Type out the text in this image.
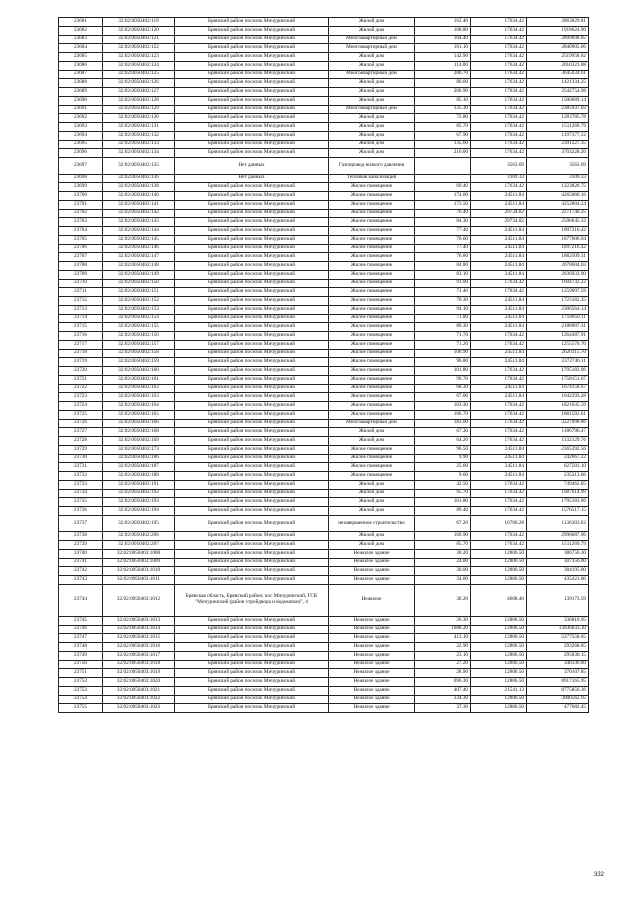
23681	32:02:0050402:119	Брянский район поселок Мичуринский	Жилой дом	162.40	17634.42	2863829.81
23682	32:02:0050402:120	Брянский район поселок Мичуринский	Жилой дом	108.80	17634.42	1918624.90
23683	32:02:0050402:121	Брянский район поселок Мичуринский	Многоквартирный дом	164.40	17634.42	2899098.65
23684	32:02:0050402:122	Брянский район поселок Мичуринский	Многоквартирный дом	161.10	17634.42	2840905.06
23685	32:02:0050402:123	Брянский район поселок Мичуринский	Жилой дом	142.90	17634.42	2519958.62
23686	32:02:0050402:124	Брянский район поселок Мичуринский	Жилой дом	114.00	17634.42	2010323.88
23687	32:02:0050402:125	Брянский район поселок Мичуринский	Многоквартирный дом	206.70	17634.42	3645034.61
23688	32:02:0050402:126	Брянский район поселок Мичуринский	Жилой дом	80.60	17634.42	1421334.25
23689	32:02:0050402:127	Брянский район поселок Мичуринский	Жилой дом	200.90	17634.42	3542754.98
23690	32:02:0050402:128	Брянский район поселок Мичуринский	Жилой дом	85.10	17634.42	1500689.14
23691	32:02:0050402:129	Брянский район поселок Мичуринский	Многоквартирный дом	135.30	17634.42	2385937.03
23692	32:02:0050402:130	Брянский район поселок Мичуринский	Жилой дом	72.80	17634.42	1283785.78
23693	32:02:0050402:131	Брянский район поселок Мичуринский	Жилой дом	85.70	17634.42	1511269.79
23694	32:02:0050402:132	Брянский район поселок Мичуринский	Жилой дом	67.90	17634.42	1197377.12
23695	32:02:0050402:133	Брянский район поселок Мичуринский	Жилой дом	135.60	17634.42	2391227.35
23696	32:02:0050402:134	Брянский район поселок Мичуринский	Жилой дом	210.00	17634.42	3703228.20
23697	32:02:0050402:135	Нет данных	Газопровод низкого давления		3563.69	3563.69
23698	32:02:0050402:136	Нет данных	Тепловая канализация		3109.33	3109.33
23699	32:02:0050402:138	Брянский район поселок Мичуринский	Жилое помещение	69.40	17634.42	1223828.75
23700	32:02:0050402:140	Брянский район поселок Мичуринский	Жилое помещение	174.00	24511.84	4265060.16
23701	32:02:0050402:141	Брянский район поселок Мичуринский	Жилое помещение	173.50	24511.84	4252804.24
23702	32:02:0050402:142	Брянский район поселок Мичуринский	Жилое помещение	76.40	29734.82	2271740.25
23703	32:02:0050402:143	Брянский район поселок Мичуринский	Жилое помещение	84.30	29734.82	2506645.33
23704	32:02:0050402:144	Брянский район поселок Мичуринский	Жилое помещение	77.40	24511.84	1897216.42
23705	32:02:0050402:145	Брянский район поселок Мичуринский	Жилое помещение	76.60	24511.84	1877606.94
23706	32:02:0050402:146	Брянский район поселок Мичуринский	Жилое помещение	77.40	24511.84	1897216.42
23707	32:02:0050402:147	Брянский район поселок Мичуринский	Жилое помещение	76.80	24511.84	1882509.31
23708	32:02:0050402:148	Брянский район поселок Мичуринский	Жилое помещение	84.80	24511.84	2078604.03
23709	32:02:0050402:149	Брянский район поселок Мичуринский	Жилое помещение	83.10	24511.84	2036933.90
23710	32:02:0050402:150	Брянский район поселок Мичуринский	Жилое помещение	91.00	17634.42	1604732.22
23711	32:02:0050402:151	Брянский район поселок Мичуринский	Жилое помещение	71.40	17634.42	1259097.59
23712	32:02:0050402:152	Брянский район поселок Мичуринский	Жилое помещение	70.30	24511.84	1723182.35
23713	32:02:0050402:153	Брянский район поселок Мичуринский	Жилое помещение	94.10	24511.84	2306564.14
23714	32:02:0050402:154	Брянский район поселок Мичуринский	Жилое помещение	71.80	24511.84	1759950.11
23715	32:02:0050402:155	Брянский район поселок Мичуринский	Жилое помещение	89.30	24511.84	2188907.31
23716	32:02:0050402:156	Брянский район поселок Мичуринский	Жилое помещение	71.70	17634.42	1264387.91
23717	32:02:0050402:157	Брянский район поселок Мичуринский	Жилое помещение	71.20	17634.42	1255570.70
23718	32:02:0050402:158	Брянский район поселок Мичуринский	Жилое помещение	106.90	24511.84	2620315.70
23719	32:02:0050402:159	Брянский район поселок Мичуринский	Жилое помещение	96.80	24511.84	2372746.11
23720	32:02:0050402:160	Брянский район поселок Мичуринский	Жилое помещение	101.80	17634.42	1795183.96
23721	32:02:0050402:161	Брянский район поселок Мичуринский	Жилое помещение	99.70	17634.42	1758151.67
23722	32:02:0050402:162	Брянский район поселок Мичуринский	Жилое помещение	68.30	24511.84	1674158.67
23723	32:02:0050402:163	Брянский район поселок Мичуринский	Жилое помещение	67.00	24511.84	1642293.28
23724	32:02:0050402:164	Брянский район поселок Мичуринский	Жилое помещение	103.30	17634.42	1821635.59
23725	32:02:0050402:165	Брянский район поселок Мичуринский	Жилое помещение	106.70	17634.42	1881592.61
23726	32:02:0050402:166	Брянский район поселок Мичуринский	Многоквартирный дом	183.00	17634.42	3227098.86
23727	32:02:0050402:168	Брянский район поселок Мичуринский	Жилой дом	67.30	17634.42	1186796.47
23728	32:02:0050402:169	Брянский район поселок Мичуринский	Жилой дом	64.20	17634.42	1132129.76
23729	32:02:0050402:173	Брянский район поселок Мичуринский	Жилое помещение	96.50	24511.84	2365392.56
23730	32:02:0050402:186	Брянский район поселок Мичуринский	Жилое помещение	9.90	24511.84	242667.22
23731	32:02:0050402:187	Брянский район поселок Мичуринский	Жилое помещение	25.60	24511.84	627503.10
23732	32:02:0050402:188	Брянский район поселок Мичуринский	Жилое помещение	9.60	24511.84	235313.66
23733	32:02:0050402:191	Брянский район поселок Мичуринский	Жилой дом	42.50	17634.42	749462.85
23734	32:02:0050402:192	Брянский район поселок Мичуринский	Жилой дом	95.70	17634.42	1687614.99
23735	32:02:0050402:193	Брянский район поселок Мичуринский	Жилой дом	101.80	17634.42	1795183.96
23736	32:02:0050402:194	Брянский район поселок Мичуринский	Жилой дом	89.40	17634.42	1576517.15
23737	32:02:0050402:195	Брянский район поселок Мичуринский	незавершенное строительство	67.20	16760.28	1136303.62
23738	32:02:0050402:206	Брянский район поселок Мичуринский	Жилой дом	169.90	17634.42	2996087.96
23739	32:02:0050402:207	Брянский район поселок Мичуринский	Жилой дом	85.70	17634.42	1511269.79
23740	32:02:0050403:1008	Брянский район поселок Мичуринский	Нежилое здание	30.20	12806.50	386756.30
23741	32:02:0050403:1009	Брянский район поселок Мичуринский	Нежилое здание	24.00	12806.50	307356.00
23742	32:02:0050403:1010	Брянский район поселок Мичуринский	Нежилое здание	30.00	12806.50	384195.00
23743	32:02:0050403:1011	Брянский район поселок Мичуринский	Нежилое здание	34.00	12806.50	435421.00
23744	32:02:0050403:1012	Брянская область, Брянский район, пос Мичуринский, ГСК "Мичуринский (район стройдвора и водокачки)", 4	Нежилое	30.20	4608.40	139173.59
23745	32:02:0050403:1013	Брянский район поселок Мичуринский	Нежилое здание	26.30	12806.50	336810.95
23746	32:02:0050403:1014	Брянский район поселок Мичуринский	Нежилое здание	1088.20	12806.50	13936033.30
23747	32:02:0050403:1015	Брянский район поселок Мичуринский	Нежилое здание	412.10	12806.50	5277558.65
23748	32:02:0050403:1016	Брянский район поселок Мичуринский	Нежилое здание	22.90	12806.50	293268.85
23749	32:02:0050403:1017	Брянский район поселок Мичуринский	Нежилое здание	23.10	12806.50	295830.15
23750	32:02:0050403:1018	Брянский район поселок Мичуринский	Нежилое здание	27.20	12806.50	348336.80
23751	32:02:0050403:1019	Брянский район поселок Мичуринский	Нежилое здание	28.90	12806.50	370107.85
23752	32:02:0050403:1020	Брянский район поселок Мичуринский	Нежилое здание	696.30	12806.50	8917165.95
23753	32:02:0050403:1021	Брянский район поселок Мичуринский	Нежилое здание	407.40	21541.13	8775856.36
23754	32:02:0050403:1022	Брянский район поселок Мичуринский	Нежилое здание	234.30	12806.50	3000562.95
23755	32:02:0050403:1023	Брянский район поселок Мичуринский	Нежилое здание	37.30	12806.50	477682.45
332
